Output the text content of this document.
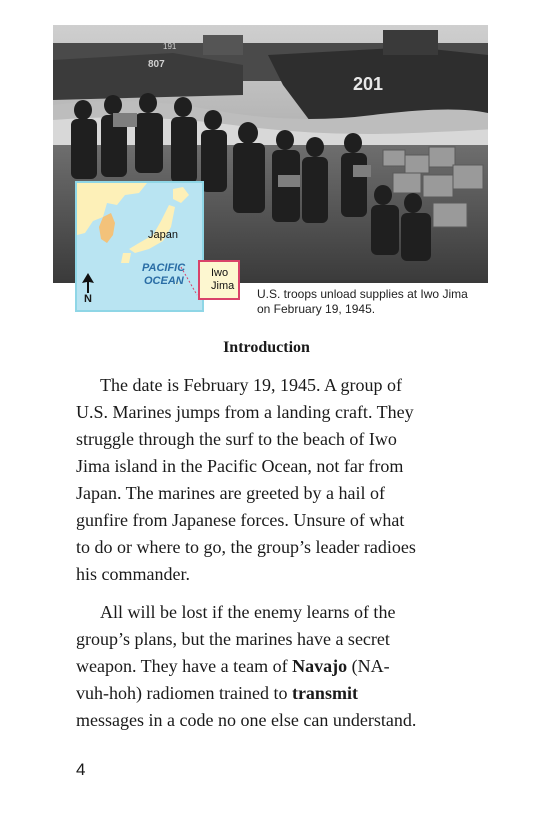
201
807
191
Japan
PACIFIC
OCEAN
N
Iwo
Jima
U.S. troops unload supplies at Iwo Jima
on February 19, 1945.
Introduction

The date is February 19, 1945. A group of
U.S. Marines jumps from a landing craft. They
struggle through the surf to the beach of Iwo
Jima island in the Pacific Ocean, not far from
Japan. The marines are greeted by a hail of
gunfire from Japanese forces. Unsure of what
to do or where to go, the group’s leader radioes
his commander.

All will be lost if the enemy learns of the
group’s plans, but the marines have a secret
weapon. They have a team of Navajo (NA-
vuh-hoh) radiomen trained to transmit
messages in a code no one else can understand.

4
